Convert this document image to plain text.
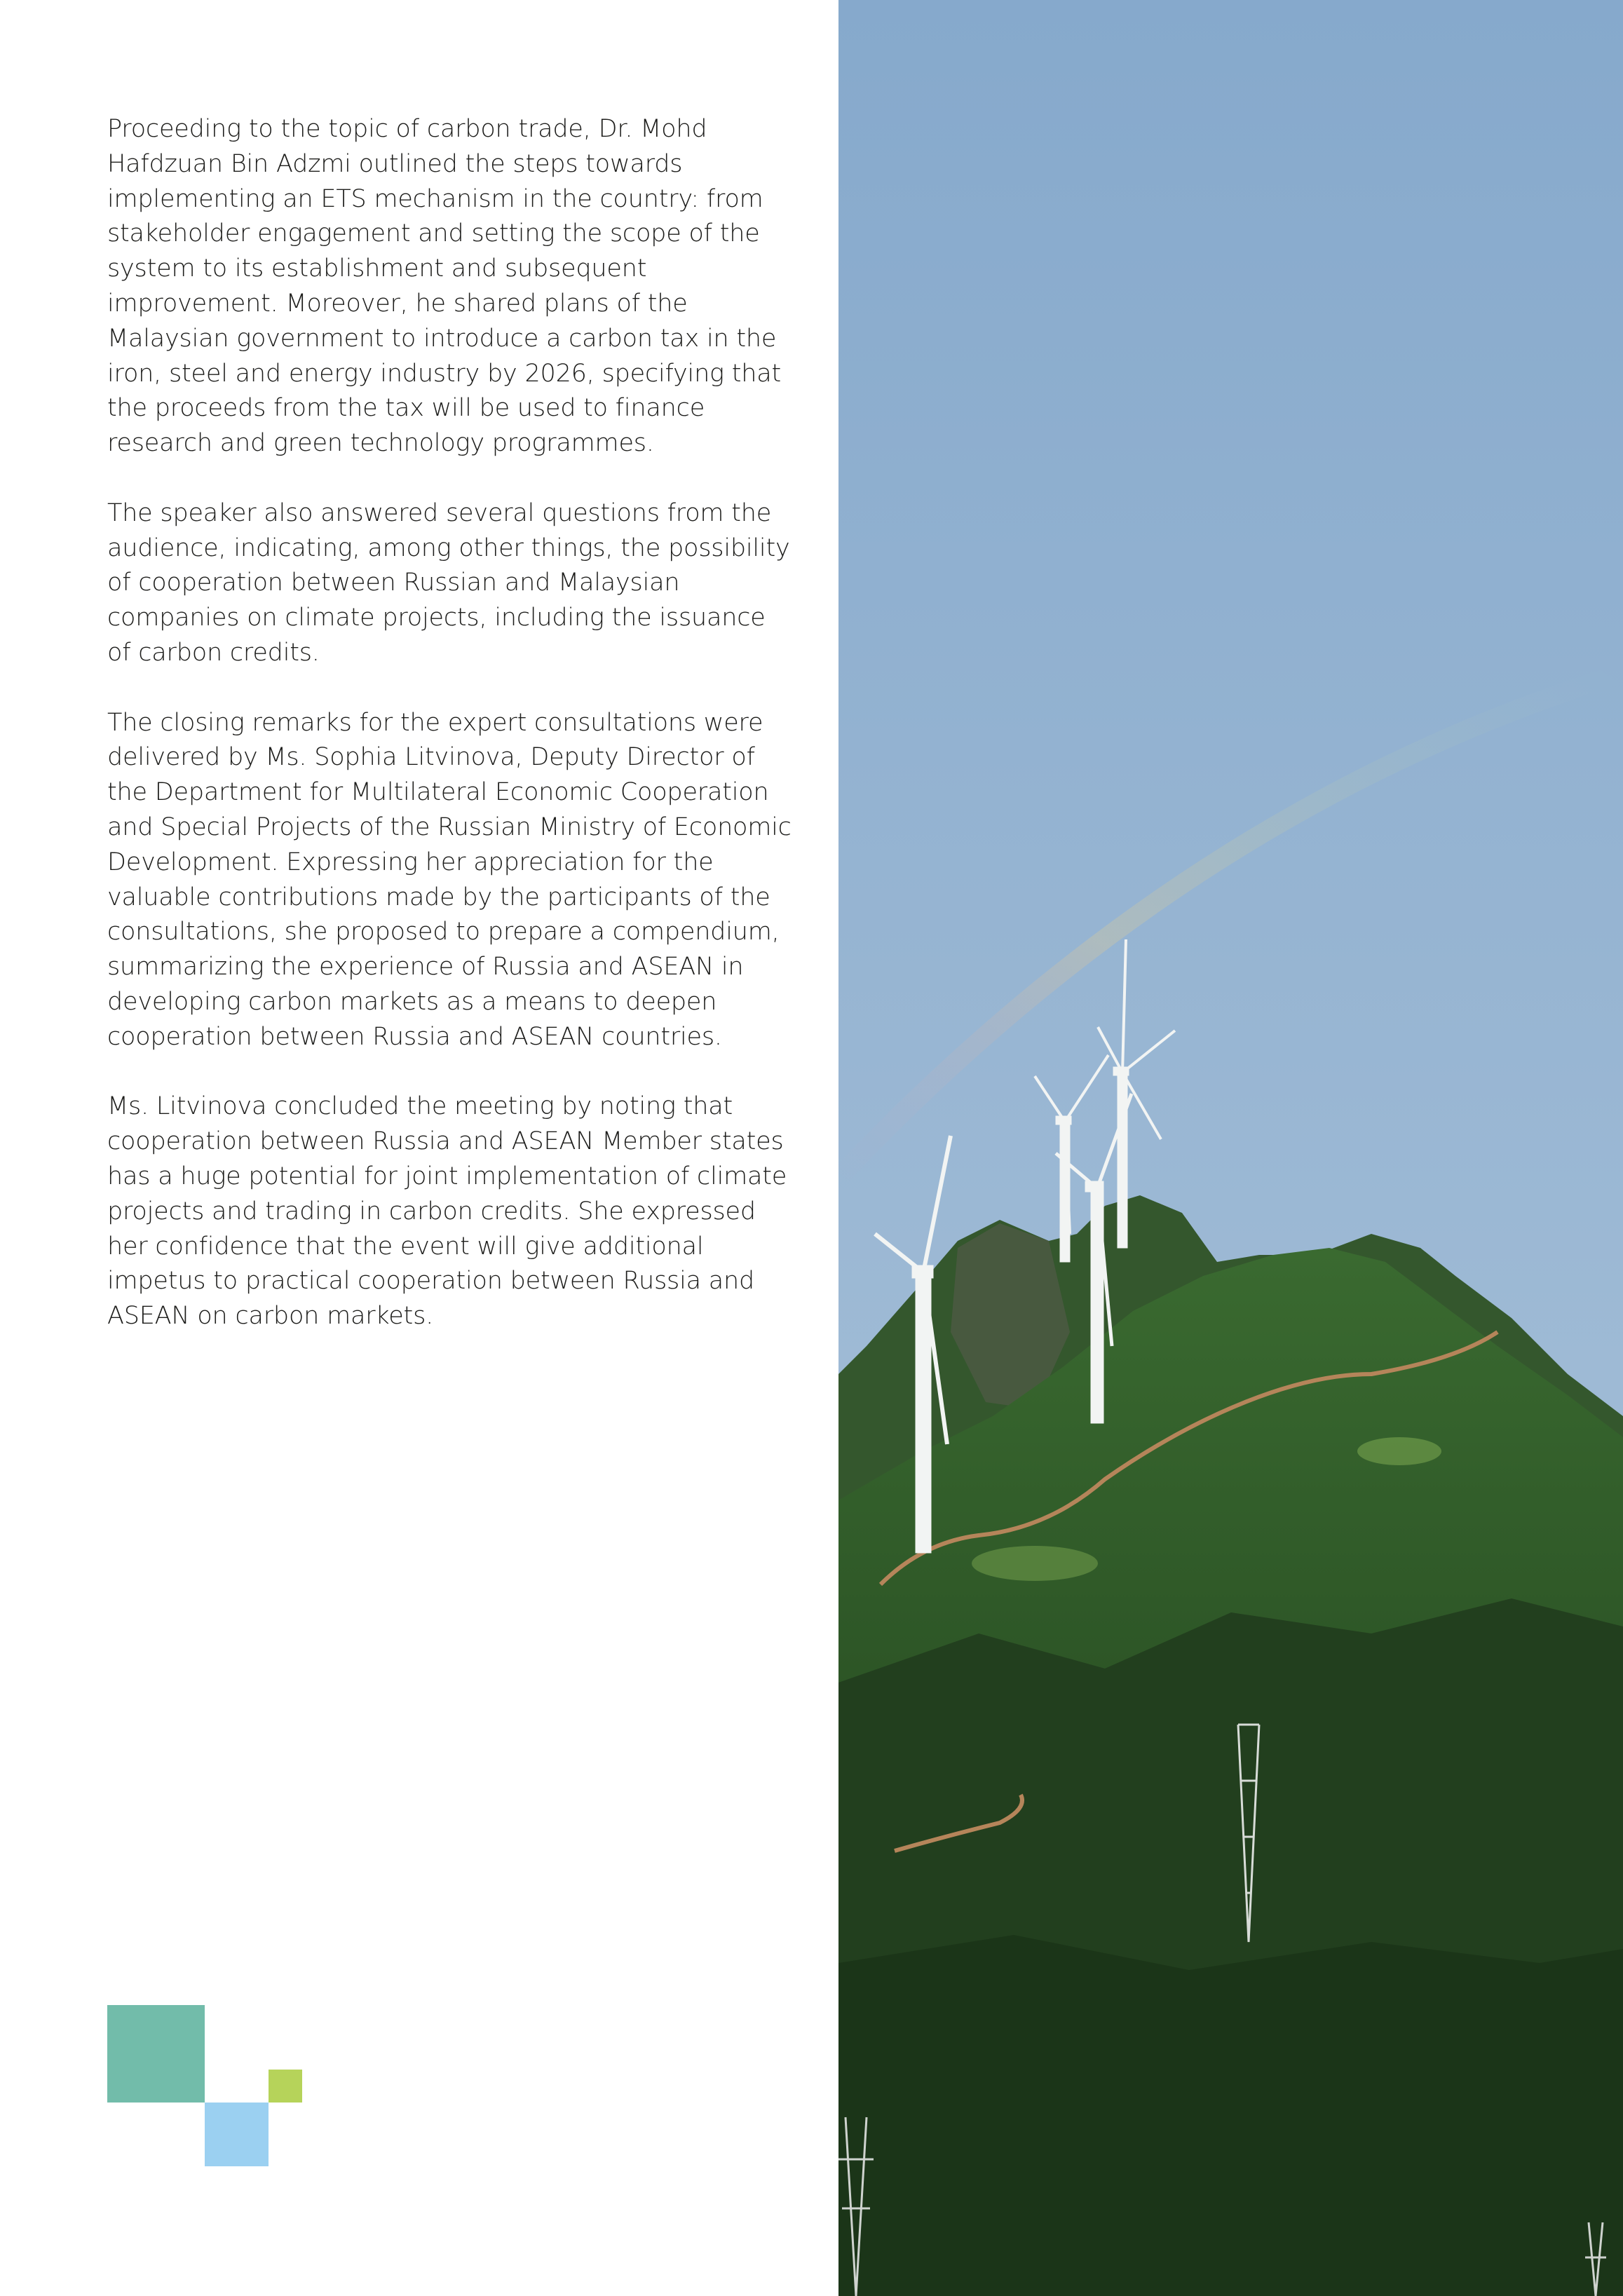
Proceeding to the topic of carbon trade, Dr. Mohd Hafdzuan Bin Adzmi outlined the steps towards implementing an ETS mechanism in the country: from stakeholder engagement and setting the scope of the system to its establishment and subsequent improvement. Moreover, he shared plans of the Malaysian government to introduce a carbon tax in the iron, steel and energy industry by 2026, specifying that the proceeds from the tax will be used to finance research and green technology programmes.

The speaker also answered several questions from the audience, indicating, among other things, the possibility of cooperation between Russian and Malaysian companies on climate projects, including the issuance of carbon credits.

The closing remarks for the expert consultations were delivered by Ms. Sophia Litvinova, Deputy Director of the Department for Multilateral Economic Cooperation and Special Projects of the Russian Ministry of Economic Development. Expressing her appreciation for the valuable contributions made by the participants of the consultations, she proposed to prepare a compendium, summarizing the experience of Russia and ASEAN in developing carbon markets as a means to deepen cooperation between Russia and ASEAN countries.

Ms. Litvinova concluded the meeting by noting that cooperation between Russia and ASEAN Member states has a huge potential for joint implementation of climate projects and trading in carbon credits. She expressed her confidence that the event will give additional impetus to practical cooperation between Russia and ASEAN on carbon markets.
